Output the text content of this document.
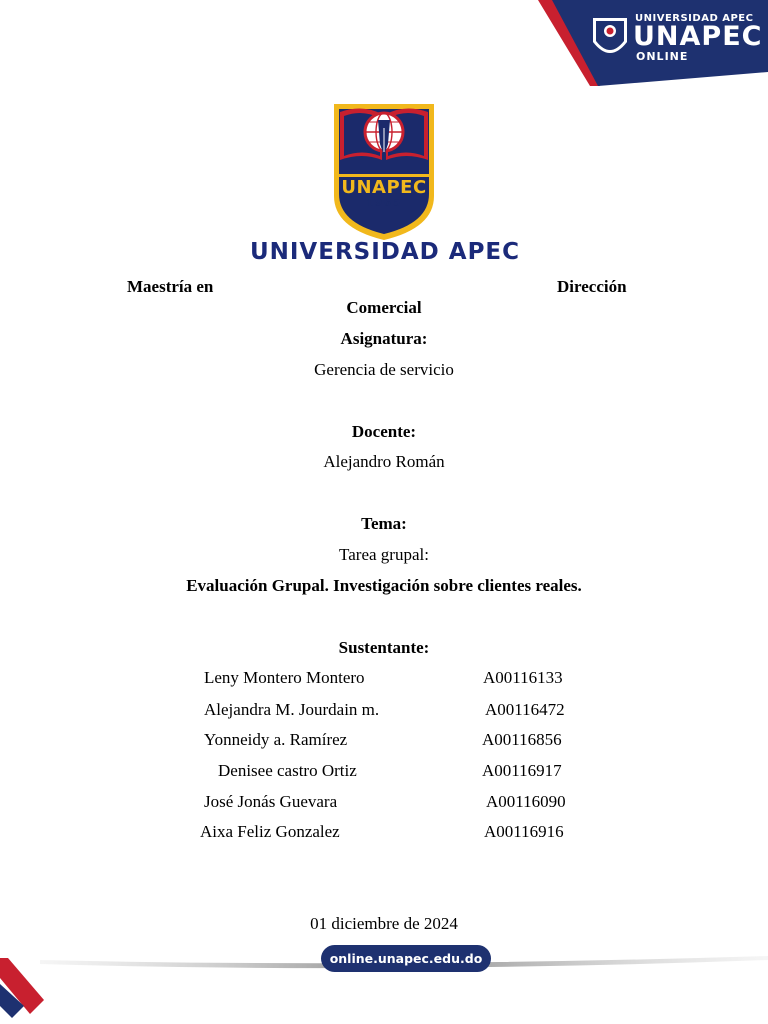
UNIVERSIDAD APEC
UNAPEC
ONLINE
UNAPEC
1965
UNIVERSIDAD APEC
Maestría en	Dirección
Comercial
Asignatura:
Gerencia de servicio
Docente:
Alejandro Román
Tema:
Tarea grupal:
Evaluación Grupal. Investigación sobre clientes reales.
Sustentante:
Leny Montero Montero	A00116133
Alejandra M. Jourdain m.	A00116472
Yonneidy a. Ramírez	A00116856
Denisee castro Ortiz	A00116917
José Jonás Guevara	A00116090
Aixa Feliz Gonzalez	A00116916
01 diciembre de 2024
online.unapec.edu.do
